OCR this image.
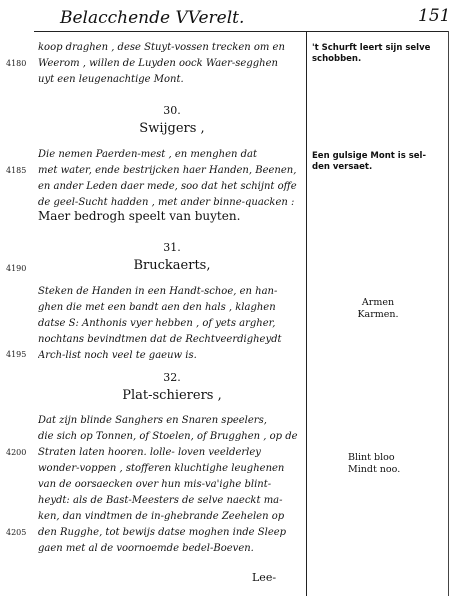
Belacchende VVerelt.	151
koop draghen , dese Stuyt-vossen trecken om en
Weerom , willen de Luyden oock Waer-segghen
uyt een leugenachtige Mont.
4180
30.
Swijgers ,
Die nemen Paerden-mest , en menghen dat
met water, ende bestrijcken haer Handen, Beenen,
en ander Leden daer mede, soo dat het schijnt offe
de geel-Sucht hadden , met ander binne-quacken :
Maer bedrogh speelt van buyten.
4185
31.
Bruckaerts,
4190
Steken de Handen in een Handt-schoe, en han-
ghen die met een bandt aen den hals , klaghen
datse S: Anthonis vyer hebben , of yets argher,
nochtans bevindtmen dat de Rechtveerdigheydt
Arch-list noch veel te gaeuw is.
4195
32.
Plat-schierers ,
Dat zijn blinde Sanghers en Snaren speelers,
die sich op Tonnen, of Stoelen, of Brugghen , op de
Straten laten hooren. lolle- loven veelderley
wonder-voppen , stofferen kluchtighe leughenen
van de oorsaecken over hun mis-va'ighe blint-
heydt: als de Bast-Meesters de selve naeckt ma-
ken, dan vindtmen de in-ghebrande Zeehelen op
den Rugghe, tot bewijs datse moghen inde Sleep
gaen met al de voornoemde bedel-Boeven.
4200
4205
't Schurft leert sijn selve
schobben.
Een gulsige Mont is sel-
den versaet.
Armen
Karmen.
Blint bloo
Mindt noo.
Lee-
